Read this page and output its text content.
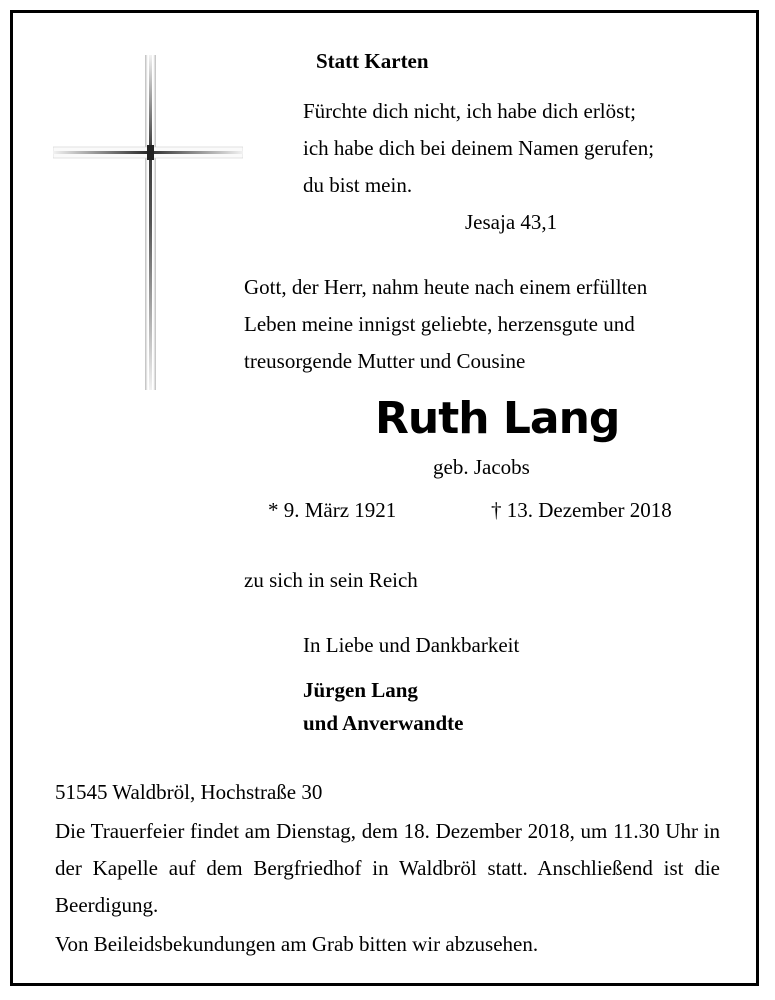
Statt Karten
Fürchte dich nicht, ich habe dich erlöst;
ich habe dich bei deinem Namen gerufen;
du bist mein.
Jesaja 43,1
Gott, der Herr, nahm heute nach einem erfüllten
Leben meine innigst geliebte, herzensgute und
treusorgende Mutter und Cousine
Ruth Lang
geb. Jacobs
* 9. März 1921	† 13. Dezember 2018
zu sich in sein Reich
In Liebe und Dankbarkeit
Jürgen Lang
und Anverwandte
51545 Waldbröl, Hochstraße 30
Die Trauerfeier findet am Dienstag, dem 18. Dezember 2018, um 11.30 Uhr in der Kapelle auf dem Bergfriedhof in Waldbröl statt. Anschließend ist die Beerdigung.
Von Beileidsbekundungen am Grab bitten wir abzusehen.
